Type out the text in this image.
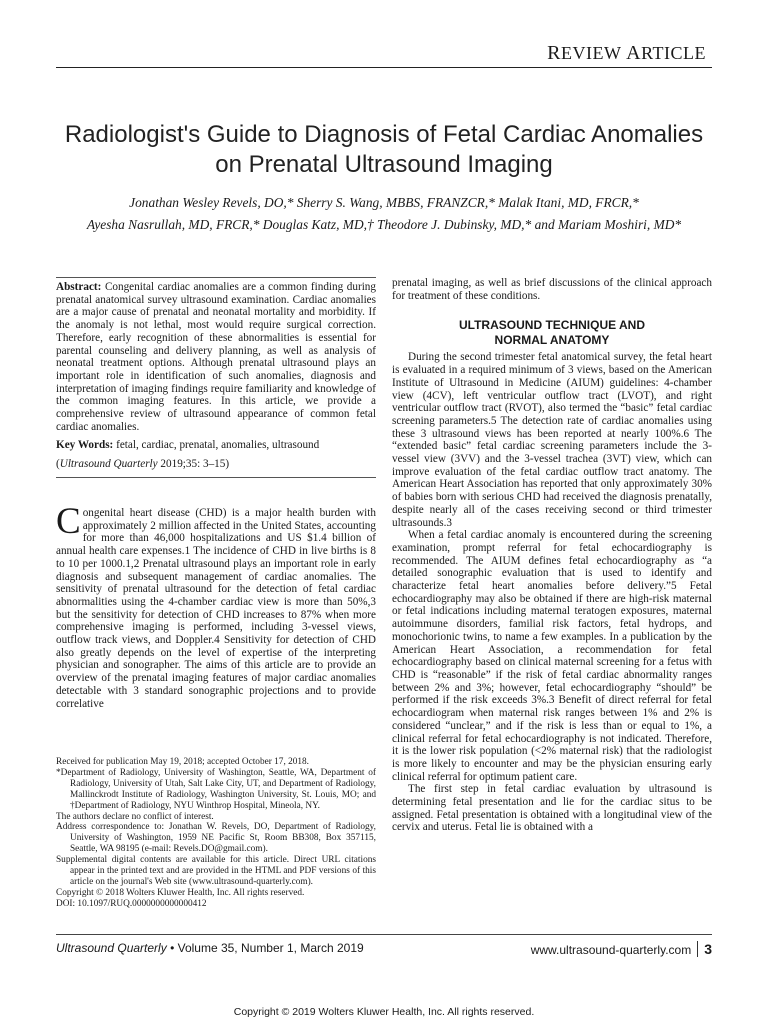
REVIEW ARTICLE
Radiologist's Guide to Diagnosis of Fetal Cardiac Anomalies
on Prenatal Ultrasound Imaging
Jonathan Wesley Revels, DO,* Sherry S. Wang, MBBS, FRANZCR,* Malak Itani, MD, FRCR,*
Ayesha Nasrullah, MD, FRCR,* Douglas Katz, MD,† Theodore J. Dubinsky, MD,* and Mariam Moshiri, MD*

Abstract: Congenital cardiac anomalies are a common finding during prenatal anatomical survey ultrasound examination. Cardiac anomalies are a major cause of prenatal and neonatal mortality and morbidity. If the anomaly is not lethal, most would require surgical correction. Therefore, early recognition of these abnormalities is essential for parental counseling and delivery planning, as well as analysis of neonatal treatment options. Although prenatal ultrasound plays an important role in identification of such anomalies, diagnosis and interpretation of imaging findings require familiarity and knowledge of the common imaging features. In this article, we provide a comprehensive review of ultrasound appearance of common fetal cardiac anomalies.

Key Words: fetal, cardiac, prenatal, anomalies, ultrasound

(Ultrasound Quarterly 2019;35: 3–15)

Congenital heart disease (CHD) is a major health burden with approximately 2 million affected in the United States, accounting for more than 46,000 hospitalizations and US $1.4 billion of annual health care expenses.1 The incidence of CHD in live births is 8 to 10 per 1000.1,2 Prenatal ultrasound plays an important role in early diagnosis and subsequent management of cardiac anomalies. The sensitivity of prenatal ultrasound for the detection of fetal cardiac abnormalities using the 4-chamber cardiac view is more than 50%,3 but the sensitivity for detection of CHD increases to 87% when more comprehensive imaging is performed, including 3-vessel views, outflow track views, and Doppler.4 Sensitivity for detection of CHD also greatly depends on the level of expertise of the interpreting physician and sonographer. The aims of this article are to provide an overview of the prenatal imaging features of major cardiac anomalies detectable with 3 standard sonographic projections and to provide correlative

Received for publication May 19, 2018; accepted October 17, 2018.

*Department of Radiology, University of Washington, Seattle, WA, Department of Radiology, University of Utah, Salt Lake City, UT, and Department of Radiology, Mallinckrodt Institute of Radiology, Washington University, St. Louis, MO; and †Department of Radiology, NYU Winthrop Hospital, Mineola, NY.

The authors declare no conflict of interest.

Address correspondence to: Jonathan W. Revels, DO, Department of Radiology, University of Washington, 1959 NE Pacific St, Room BB308, Box 357115, Seattle, WA 98195 (e-mail: Revels.DO@gmail.com).

Supplemental digital contents are available for this article. Direct URL citations appear in the printed text and are provided in the HTML and PDF versions of this article on the journal's Web site (www.ultrasound-quarterly.com).

Copyright © 2018 Wolters Kluwer Health, Inc. All rights reserved.

DOI: 10.1097/RUQ.0000000000000412

prenatal imaging, as well as brief discussions of the clinical approach for treatment of these conditions.

ULTRASOUND TECHNIQUE AND

NORMAL ANATOMY

During the second trimester fetal anatomical survey, the fetal heart is evaluated in a required minimum of 3 views, based on the American Institute of Ultrasound in Medicine (AIUM) guidelines: 4-chamber view (4CV), left ventricular outflow tract (LVOT), and right ventricular outflow tract (RVOT), also termed the “basic” fetal cardiac screening parameters.5 The detection rate of cardiac anomalies using these 3 ultrasound views has been reported at nearly 100%.6 The “extended basic” fetal cardiac screening parameters include the 3-vessel view (3VV) and the 3-vessel trachea (3VT) view, which can improve evaluation of the fetal cardiac outflow tract anatomy. The American Heart Association has reported that only approximately 30% of babies born with serious CHD had received the diagnosis prenatally, despite nearly all of the cases receiving second or third trimester ultrasounds.3

When a fetal cardiac anomaly is encountered during the screening examination, prompt referral for fetal echocardiography is recommended. The AIUM defines fetal echocardiography as “a detailed sonographic evaluation that is used to identify and characterize fetal heart anomalies before delivery.”5 Fetal echocardiography may also be obtained if there are high-risk maternal or fetal indications including maternal teratogen exposures, maternal autoimmune disorders, familial risk factors, fetal hydrops, and monochorionic twins, to name a few examples. In a publication by the American Heart Association, a recommendation for fetal echocardiography based on clinical maternal screening for a fetus with CHD is “reasonable” if the risk of fetal cardiac abnormality ranges between 2% and 3%; however, fetal echocardiography “should” be performed if the risk exceeds 3%.3 Benefit of direct referral for fetal echocardiogram when maternal risk ranges between 1% and 2% is considered “unclear,” and if the risk is less than or equal to 1%, a clinical referral for fetal echocardiography is not indicated. Therefore, it is the lower risk population (<2% maternal risk) that the radiologist is more likely to encounter and may be the physician ensuring early clinical referral for optimum patient care.

The first step in fetal cardiac evaluation by ultrasound is determining fetal presentation and lie for the cardiac situs to be assigned. Fetal presentation is obtained with a longitudinal view of the cervix and uterus. Fetal lie is obtained with a

Ultrasound Quarterly • Volume 35, Number 1, March 2019	www.ultrasound-quarterly.com 3
Copyright © 2019 Wolters Kluwer Health, Inc. All rights reserved.
